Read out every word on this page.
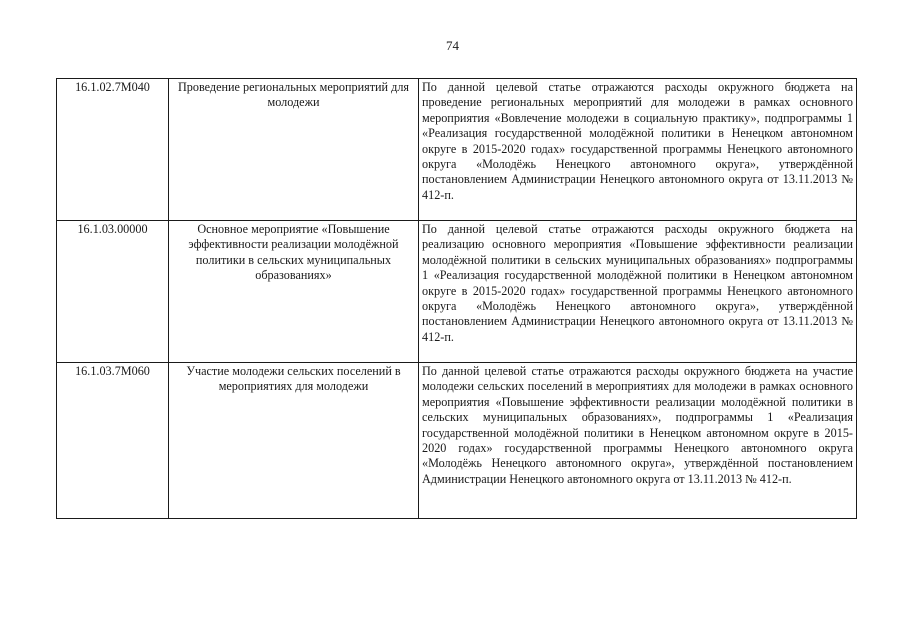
74
16.1.02.7М040	Проведение региональных мероприятий для молодежи	По данной целевой статье отражаются расходы окружного бюджета на проведение региональных мероприятий для молодежи в рамках основного мероприятия «Вовлечение молодежи в социальную практику», подпрограммы 1 «Реализация государственной молодёжной политики в Ненецком автономном округе в 2015-2020 годах» государственной программы Ненецкого автономного округа «Молодёжь Ненецкого автономного округа», утверждённой постановлением Администрации Ненецкого автономного округа от 13.11.2013 № 412-п.
16.1.03.00000	Основное мероприятие «Повышение эффективности реализации молодёжной политики в сельских муниципальных образованиях»	По данной целевой статье отражаются расходы окружного бюджета на реализацию основного мероприятия «Повышение эффективности реализации молодёжной политики в сельских муниципальных образованиях» подпрограммы 1 «Реализация государственной молодёжной политики в Ненецком автономном округе в 2015-2020 годах» государственной программы Ненецкого автономного округа «Молодёжь Ненецкого автономного округа», утверждённой постановлением Администрации Ненецкого автономного округа от 13.11.2013 № 412-п.
16.1.03.7М060	Участие молодежи сельских поселений в мероприятиях для молодежи	По данной целевой статье отражаются расходы окружного бюджета на участие молодежи сельских поселений в мероприятиях для молодежи в рамках основного мероприятия «Повышение эффективности реализации молодёжной политики в сельских муниципальных образованиях», подпрограммы 1 «Реализация государственной молодёжной политики в Ненецком автономном округе в 2015-2020 годах» государственной программы Ненецкого автономного округа «Молодёжь Ненецкого автономного округа», утверждённой постановлением Администрации Ненецкого автономного округа от 13.11.2013 № 412-п.
